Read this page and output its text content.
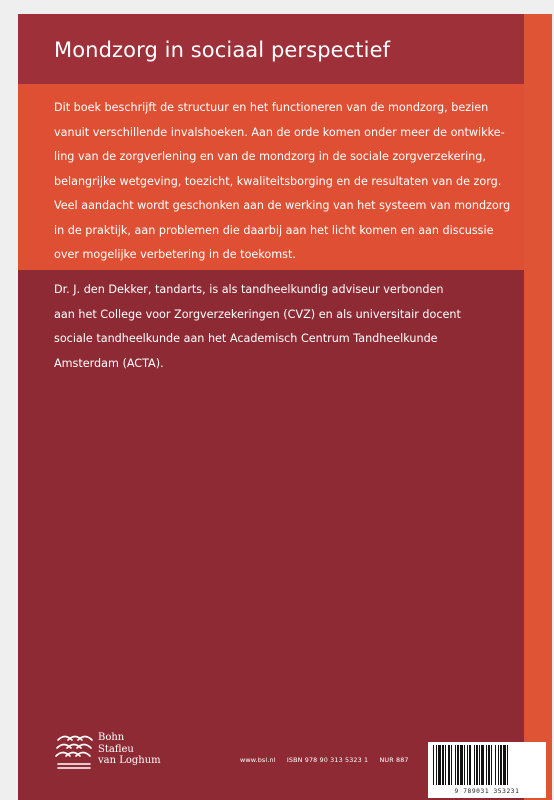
Mondzorg in sociaal perspectief
Dit boek beschrijft de structuur en het functioneren van de mondzorg, bezien
vanuit verschillende invalshoeken. Aan de orde komen onder meer de ontwikke-
ling van de zorgverlening en van de mondzorg in de sociale zorgverzekering,
belangrijke wetgeving, toezicht, kwaliteitsborging en de resultaten van de zorg.
Veel aandacht wordt geschonken aan de werking van het systeem van mondzorg
in de praktijk, aan problemen die daarbij aan het licht komen en aan discussie
over mogelijke verbetering in de toekomst.
Dr. J. den Dekker, tandarts, is als tandheelkundig adviseur verbonden
aan het College voor Zorgverzekeringen (CVZ) en als universitair docent
sociale tandheelkunde aan het Academisch Centrum Tandheelkunde
Amsterdam (ACTA).
Bohn
Stafleu
van Loghum	www.bsl.nl ISBN 978 90 313 5323 1 NUR 887
9 789031 353231
